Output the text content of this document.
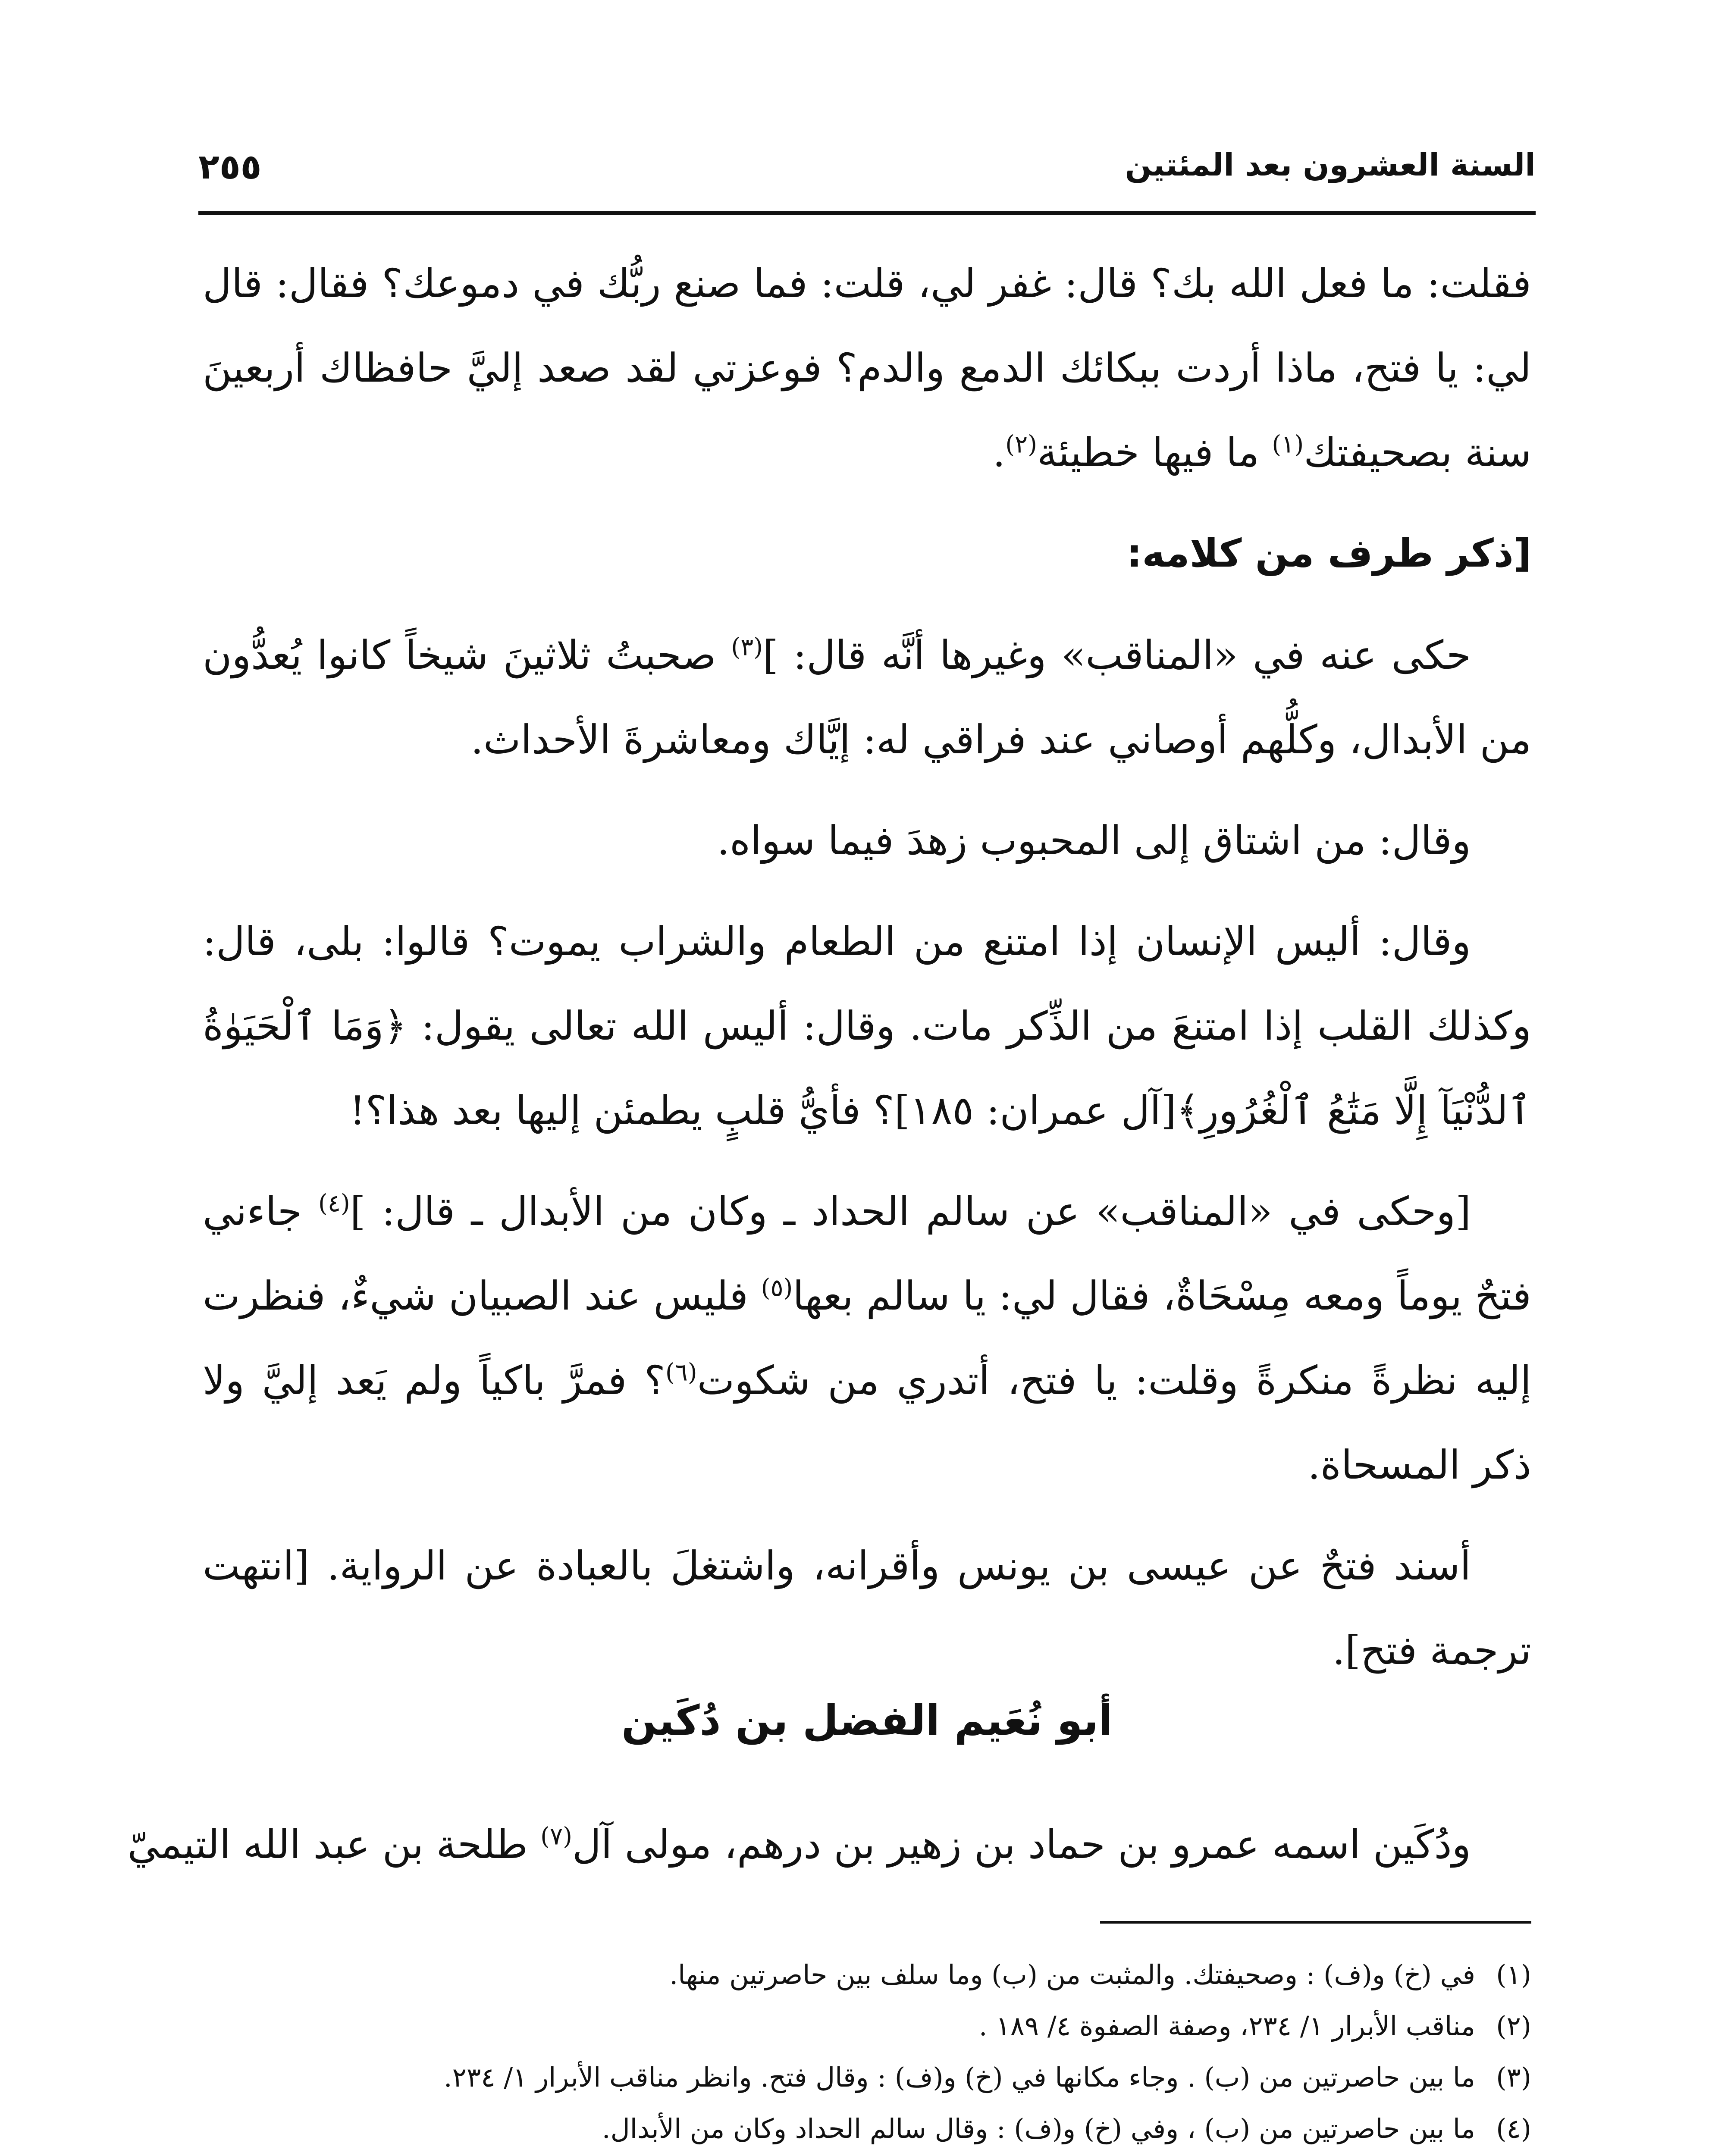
السنة العشرون بعد المئتين
٢٥٥

فقلت: ما فعل الله بك؟ قال: غفر لي، قلت: فما صنع ربُّك في دموعك؟ فقال: قال لي: يا فتح، ماذا أردت ببكائك الدمع والدم؟ فوعزتي لقد صعد إليَّ حافظاك أربعينَ سنة بصحيفتك$^{(١)}$ ما فيها خطيئة$^{(٢)}$.

[ذكر طرف من كلامه:

حكى عنه في «المناقب» وغيرها أنَّه قال: ]$^{(٣)}$ صحبتُ ثلاثينَ شيخاً كانوا يُعدُّون من الأبدال، وكلُّهم أوصاني عند فراقي له: إيَّاك ومعاشرةَ الأحداث.

وقال: من اشتاق إلى المحبوب زهدَ فيما سواه.

وقال: أليس الإنسان إذا امتنع من الطعام والشراب يموت؟ قالوا: بلى، قال: وكذلك القلب إذا امتنعَ من الذِّكر مات. وقال: أليس الله تعالى يقول: ﴿وَمَا ٱلْحَيَوٰةُ ٱلدُّنْيَآ إِلَّا مَتَٰعُ ٱلْغُرُورِ﴾[آل عمران: ١٨٥]؟ فأيُّ قلبٍ يطمئن إليها بعد هذا؟!

[وحكى في «المناقب» عن سالم الحداد ـ وكان من الأبدال ـ قال: ]$^{(٤)}$ جاءني فتحٌ يوماً ومعه مِسْحَاةٌ، فقال لي: يا سالم بعها$^{(٥)}$ فليس عند الصبيان شيءٌ، فنظرت إليه نظرةً منكرةً وقلت: يا فتح، أتدري من شكوت$^{(٦)}$؟ فمرَّ باكياً ولم يَعد إليَّ ولا ذكر المسحاة.

أسند فتحٌ عن عيسى بن يونس وأقرانه، واشتغلَ بالعبادة عن الرواية. [انتهت ترجمة فتح].

أبو نُعَيم الفضل بن دُكَين
ودُكَين اسمه عمرو بن حماد بن زهير بن درهم، مولى آل$^{(٧)}$ طلحة بن عبد الله التيميّ
(١)في (خ) و(ف) : وصحيفتك. والمثبت من (ب) وما سلف بين حاصرتين منها.
(٢)مناقب الأبرار ١/ ٢٣٤، وصفة الصفوة ٤/ ١٨٩ .
(٣)ما بين حاصرتين من (ب) . وجاء مكانها في (خ) و(ف) : وقال فتح. وانظر مناقب الأبرار ١/ ٢٣٤.
(٤)ما بين حاصرتين من (ب) ، وفي (خ) و(ف) : وقال سالم الحداد وكان من الأبدال.
